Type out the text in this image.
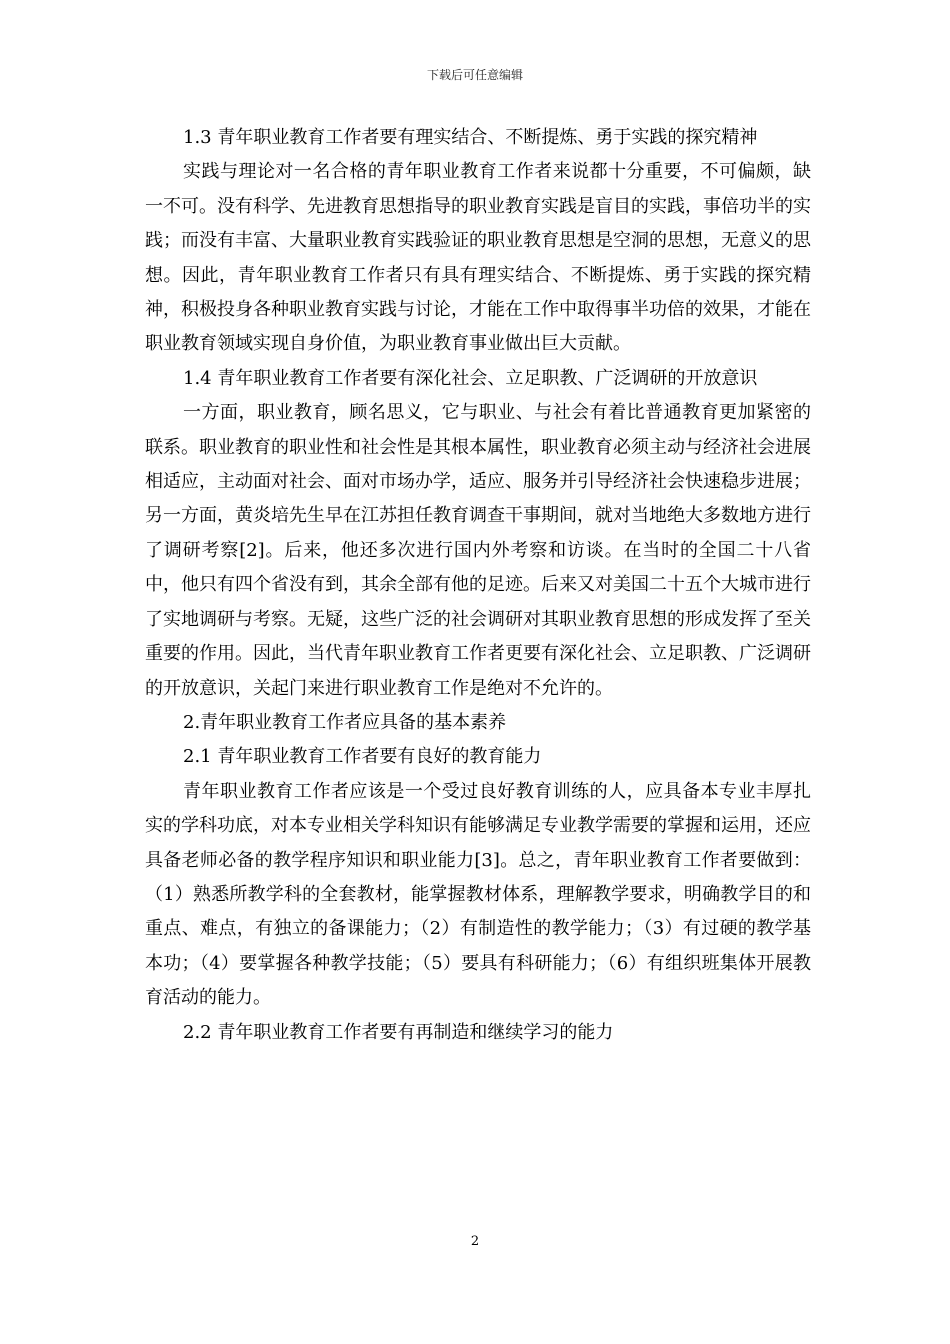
下载后可任意编辑

1.3 青年职业教育工作者要有理实结合、不断提炼、勇于实践的探究精神

实践与理论对一名合格的青年职业教育工作者来说都十分重要，不可偏颇，缺一不可。没有科学、先进教育思想指导的职业教育实践是盲目的实践，事倍功半的实践；而没有丰富、大量职业教育实践验证的职业教育思想是空洞的思想，无意义的思想。因此，青年职业教育工作者只有具有理实结合、不断提炼、勇于实践的探究精神，积极投身各种职业教育实践与讨论，才能在工作中取得事半功倍的效果，才能在职业教育领域实现自身价值，为职业教育事业做出巨大贡献。

1.4 青年职业教育工作者要有深化社会、立足职教、广泛调研的开放意识

一方面，职业教育，顾名思义，它与职业、与社会有着比普通教育更加紧密的联系。职业教育的职业性和社会性是其根本属性，职业教育必须主动与经济社会进展相适应，主动面对社会、面对市场办学，适应、服务并引导经济社会快速稳步进展；另一方面，黄炎培先生早在江苏担任教育调查干事期间，就对当地绝大多数地方进行了调研考察[2]。后来，他还多次进行国内外考察和访谈。在当时的全国二十八省中，他只有四个省没有到，其余全部有他的足迹。后来又对美国二十五个大城市进行了实地调研与考察。无疑，这些广泛的社会调研对其职业教育思想的形成发挥了至关重要的作用。因此，当代青年职业教育工作者更要有深化社会、立足职教、广泛调研的开放意识，关起门来进行职业教育工作是绝对不允许的。

2.青年职业教育工作者应具备的基本素养

2.1 青年职业教育工作者要有良好的教育能力

青年职业教育工作者应该是一个受过良好教育训练的人，应具备本专业丰厚扎实的学科功底，对本专业相关学科知识有能够满足专业教学需要的掌握和运用，还应具备老师必备的教学程序知识和职业能力[3]。总之，青年职业教育工作者要做到：（1）熟悉所教学科的全套教材，能掌握教材体系，理解教学要求，明确教学目的和重点、难点，有独立的备课能力；（2）有制造性的教学能力；（3）有过硬的教学基本功；（4）要掌握各种教学技能；（5）要具有科研能力；（6）有组织班集体开展教育活动的能力。

2.2 青年职业教育工作者要有再制造和继续学习的能力

2
